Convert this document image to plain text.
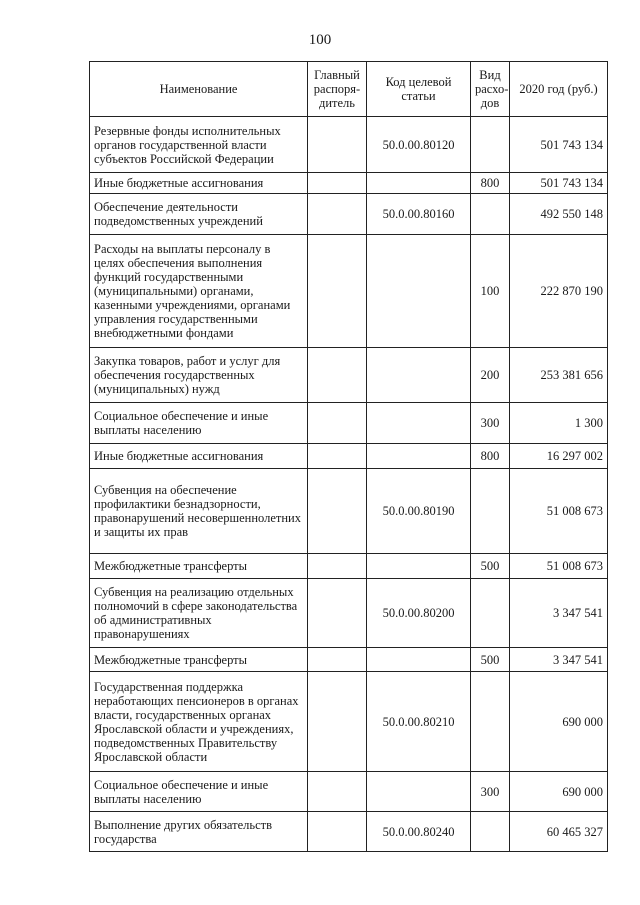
100
Наименование	Главный распоря-дитель	Код целевой статьи	Вид расхо-дов	2020 год (руб.)
Резервные фонды исполнительных органов государственной власти субъектов Российской Федерации		50.0.00.80120		501 743 134
Иные бюджетные ассигнования			800	501 743 134
Обеспечение деятельности подведомственных учреждений		50.0.00.80160		492 550 148
Расходы на выплаты персоналу в целях обеспечения выполнения функций государственными (муниципальными) органами, казенными учреждениями, органами управления государственными внебюджетными фондами			100	222 870 190
Закупка товаров, работ и услуг для обеспечения государственных (муниципальных) нужд			200	253 381 656
Социальное обеспечение и иные выплаты населению			300	1 300
Иные бюджетные ассигнования			800	16 297 002
Субвенция на обеспечение профилактики безнадзорности, правонарушений несовершеннолетних и защиты их прав		50.0.00.80190		51 008 673
Межбюджетные трансферты			500	51 008 673
Субвенция на реализацию отдельных полномочий в сфере законодательства об административных правонарушениях		50.0.00.80200		3 347 541
Межбюджетные трансферты			500	3 347 541
Государственная поддержка неработающих пенсионеров в органах власти, государственных органах Ярославской области и учреждениях, подведомственных Правительству Ярославской области		50.0.00.80210		690 000
Социальное обеспечение и иные выплаты населению			300	690 000
Выполнение других обязательств государства		50.0.00.80240		60 465 327
